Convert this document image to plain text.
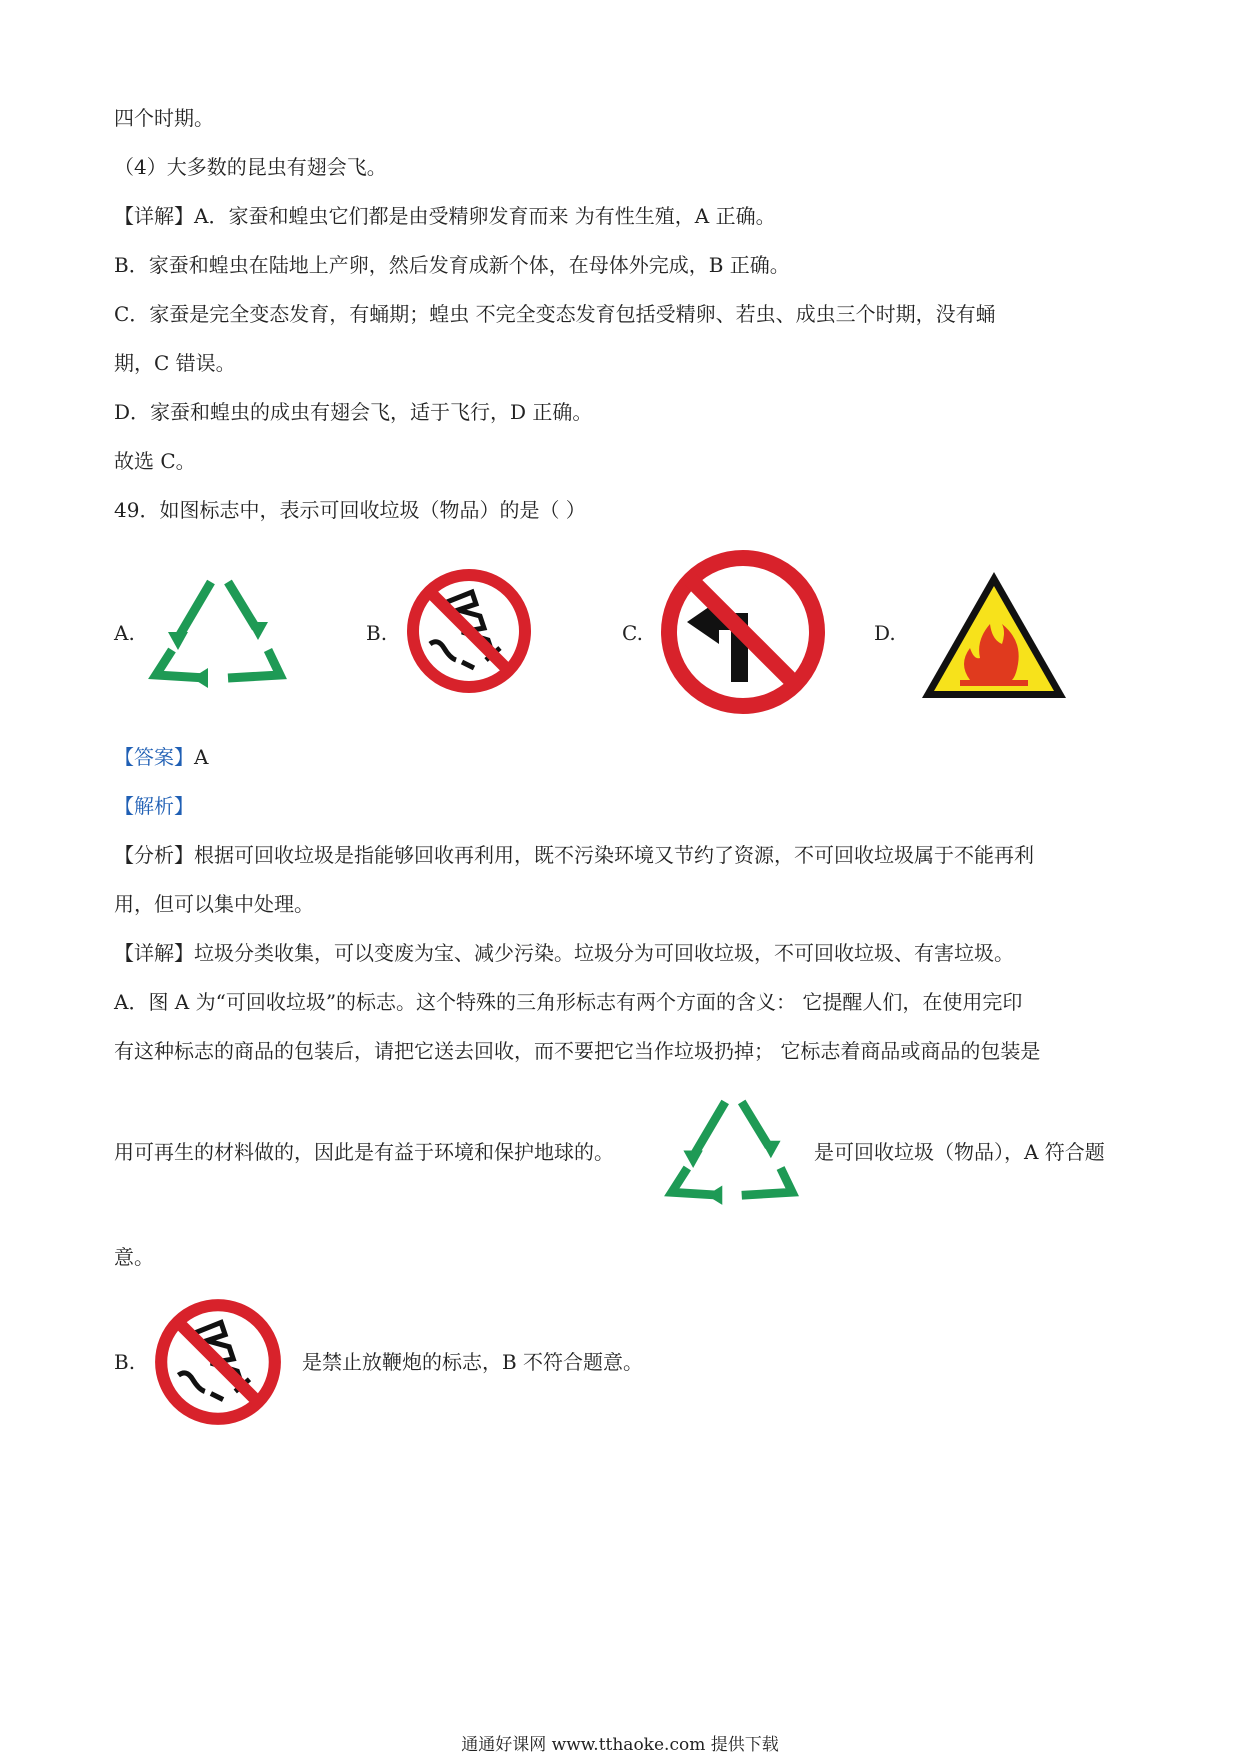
四个时期。
（4）大多数的昆虫有翅会飞。
【详解】A．家蚕和蝗虫它们都是由受精卵发育而来 为有性生殖，A 正确。
B．家蚕和蝗虫在陆地上产卵，然后发育成新个体，在母体外完成，B 正确。
C．家蚕是完全变态发育，有蛹期；蝗虫 不完全变态发育包括受精卵、若虫、成虫三个时期，没有蛹
期，C 错误。
D．家蚕和蝗虫的成虫有翅会飞，适于飞行，D 正确。
故选 C。
49．如图标志中，表示可回收垃圾（物品）的是（ ）
A.	B.	C.	D.
【答案】A
【解析】
【分析】根据可回收垃圾是指能够回收再利用，既不污染环境又节约了资源，不可回收垃圾属于不能再利
用，但可以集中处理。
【详解】垃圾分类收集，可以变废为宝、减少污染。垃圾分为可回收垃圾，不可回收垃圾、有害垃圾。
A．图 A 为“可回收垃圾”的标志。这个特殊的三角形标志有两个方面的含义： 它提醒人们，在使用完印
有这种标志的商品的包装后，请把它送去回收，而不要把它当作垃圾扔掉； 它标志着商品或商品的包装是
用可再生的材料做的，因此是有益于环境和保护地球的。	是可回收垃圾（物品），A 符合题
意。
B.	是禁止放鞭炮的标志，B 不符合题意。
通通好课网 www.tthaoke.com 提供下载
